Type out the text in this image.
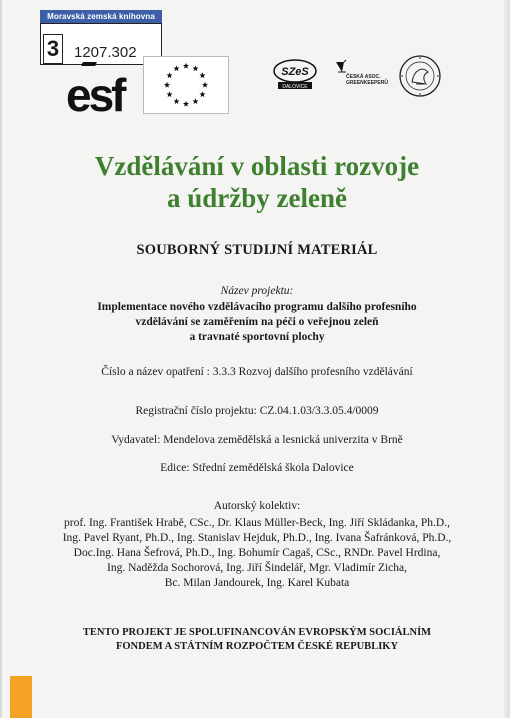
Moravská zemská knihovna
3 1207.302
esf	SZeS
DALOVICE
ČESKÁ ASOC.
GREENKEEPERŮ
Vzdělávání v oblasti rozvoje
a údržby zeleně
SOUBORNÝ STUDIJNÍ MATERIÁL
Název projektu:
Implementace nového vzdělávacího programu dalšího profesního
vzdělávání se zaměřením na péči o veřejnou zeleň
a travnaté sportovní plochy
Číslo a název opatření : 3.3.3 Rozvoj dalšího profesního vzdělávání
Registrační číslo projektu: CZ.04.1.03/3.3.05.4/0009
Vydavatel: Mendelova zemědělská a lesnická univerzita v Brně
Edice: Střední zemědělská škola Dalovice
Autorský kolektiv:
prof. Ing. František Hrabě, CSc., Dr. Klaus Müller-Beck, Ing. Jiří Skládanka, Ph.D.,
Ing. Pavel Ryant, Ph.D., Ing. Stanislav Hejduk, Ph.D., Ing. Ivana Šafránková, Ph.D.,
Doc.Ing. Hana Šefrová, Ph.D., Ing. Bohumír Cagaš, CSc., RNDr. Pavel Hrdina,
Ing. Naděžda Sochorová, Ing. Jiří Šindelář, Mgr. Vladimír Zicha,
Bc. Milan Jandourek, Ing. Karel Kubata
TENTO PROJEKT JE SPOLUFINANCOVÁN EVROPSKÝM SOCIÁLNÍM
FONDEM A STÁTNÍM ROZPOČTEM ČESKÉ REPUBLIKY
